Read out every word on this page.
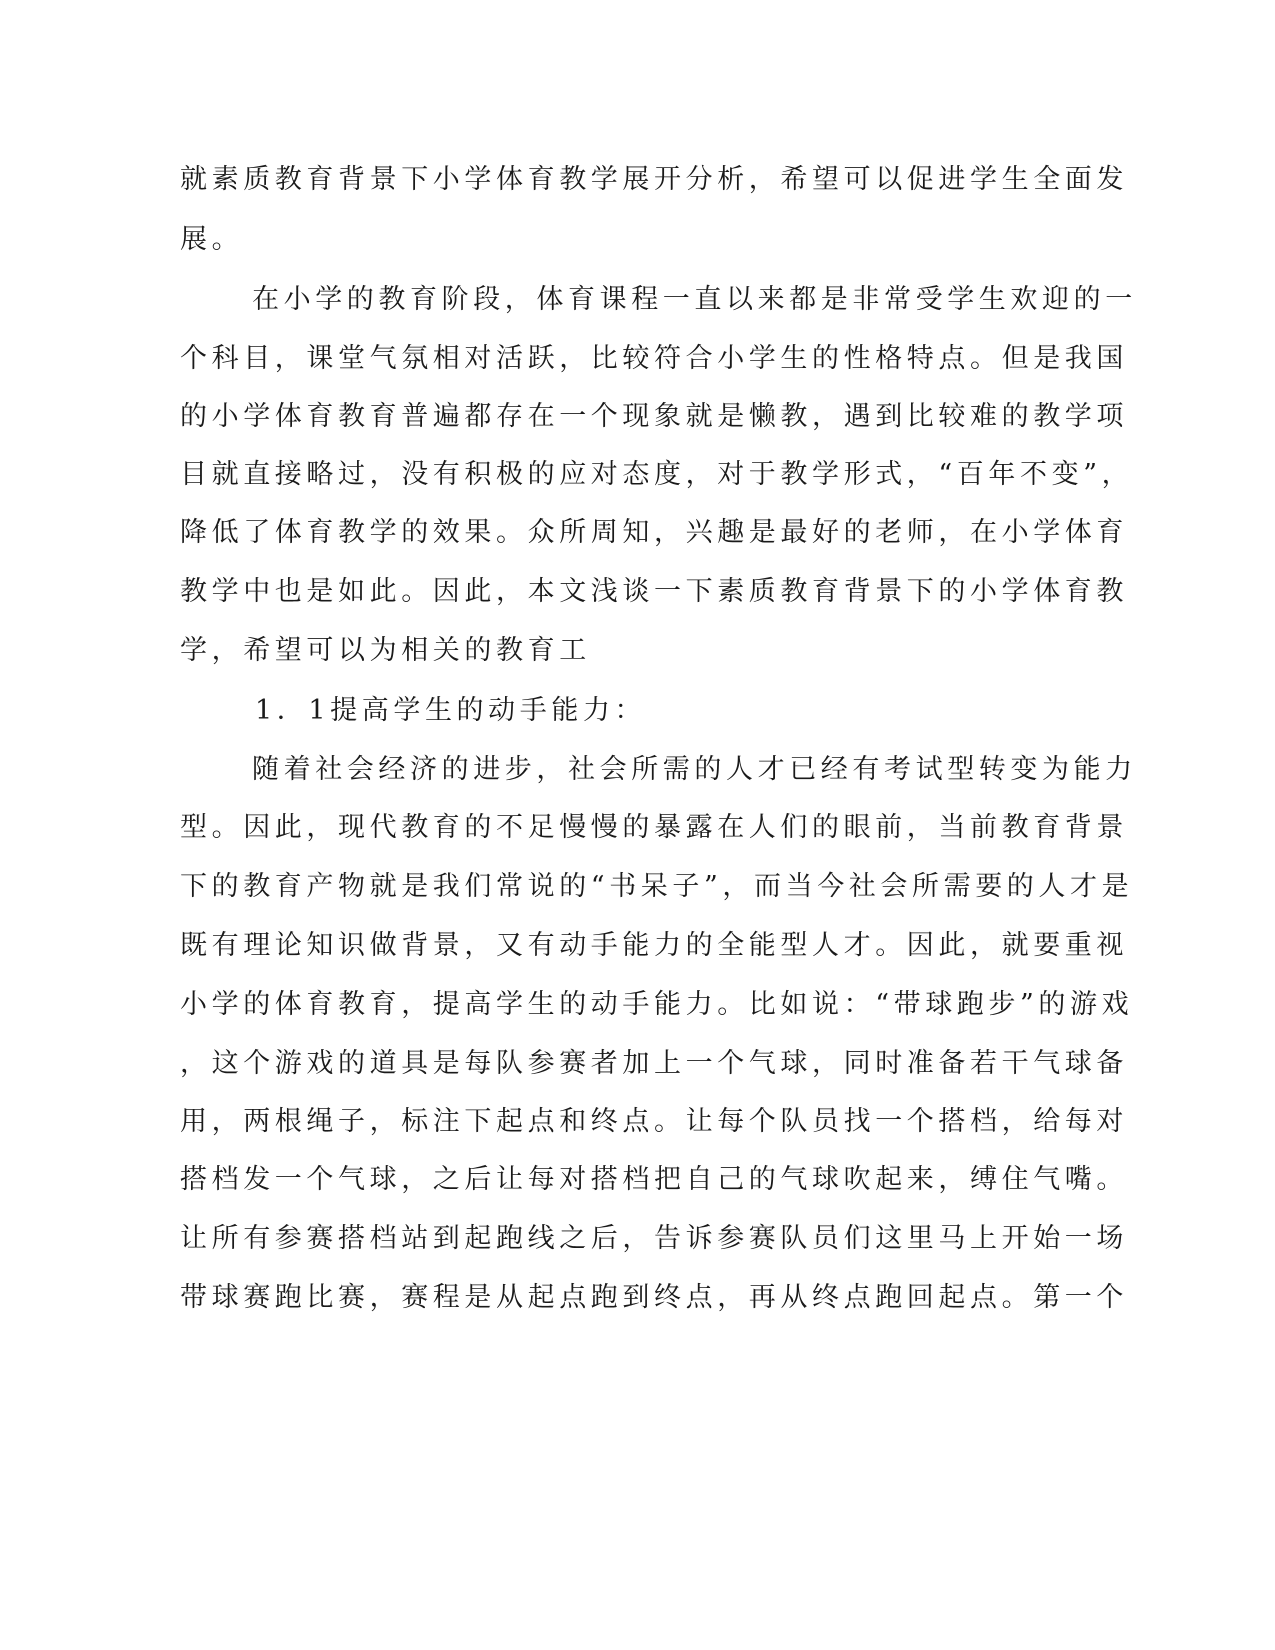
就素质教育背景下小学体育教学展开分析，希望可以促进学生全面发
展。
在小学的教育阶段，体育课程一直以来都是非常受学生欢迎的一
个科目，课堂气氛相对活跃，比较符合小学生的性格特点。但是我国
的小学体育教育普遍都存在一个现象就是懒教，遇到比较难的教学项
目就直接略过，没有积极的应对态度，对于教学形式，“百年不变”，
降低了体育教学的效果。众所周知，兴趣是最好的老师，在小学体育
教学中也是如此。因此，本文浅谈一下素质教育背景下的小学体育教
学，希望可以为相关的教育工
1．1提高学生的动手能力：
随着社会经济的进步，社会所需的人才已经有考试型转变为能力
型。因此，现代教育的不足慢慢的暴露在人们的眼前，当前教育背景
下的教育产物就是我们常说的“书呆子”，而当今社会所需要的人才是
既有理论知识做背景，又有动手能力的全能型人才。因此，就要重视
小学的体育教育，提高学生的动手能力。比如说：“带球跑步”的游戏
，这个游戏的道具是每队参赛者加上一个气球，同时准备若干气球备
用，两根绳子，标注下起点和终点。让每个队员找一个搭档，给每对
搭档发一个气球，之后让每对搭档把自己的气球吹起来，缚住气嘴。
让所有参赛搭档站到起跑线之后，告诉参赛队员们这里马上开始一场
带球赛跑比赛，赛程是从起点跑到终点，再从终点跑回起点。第一个
